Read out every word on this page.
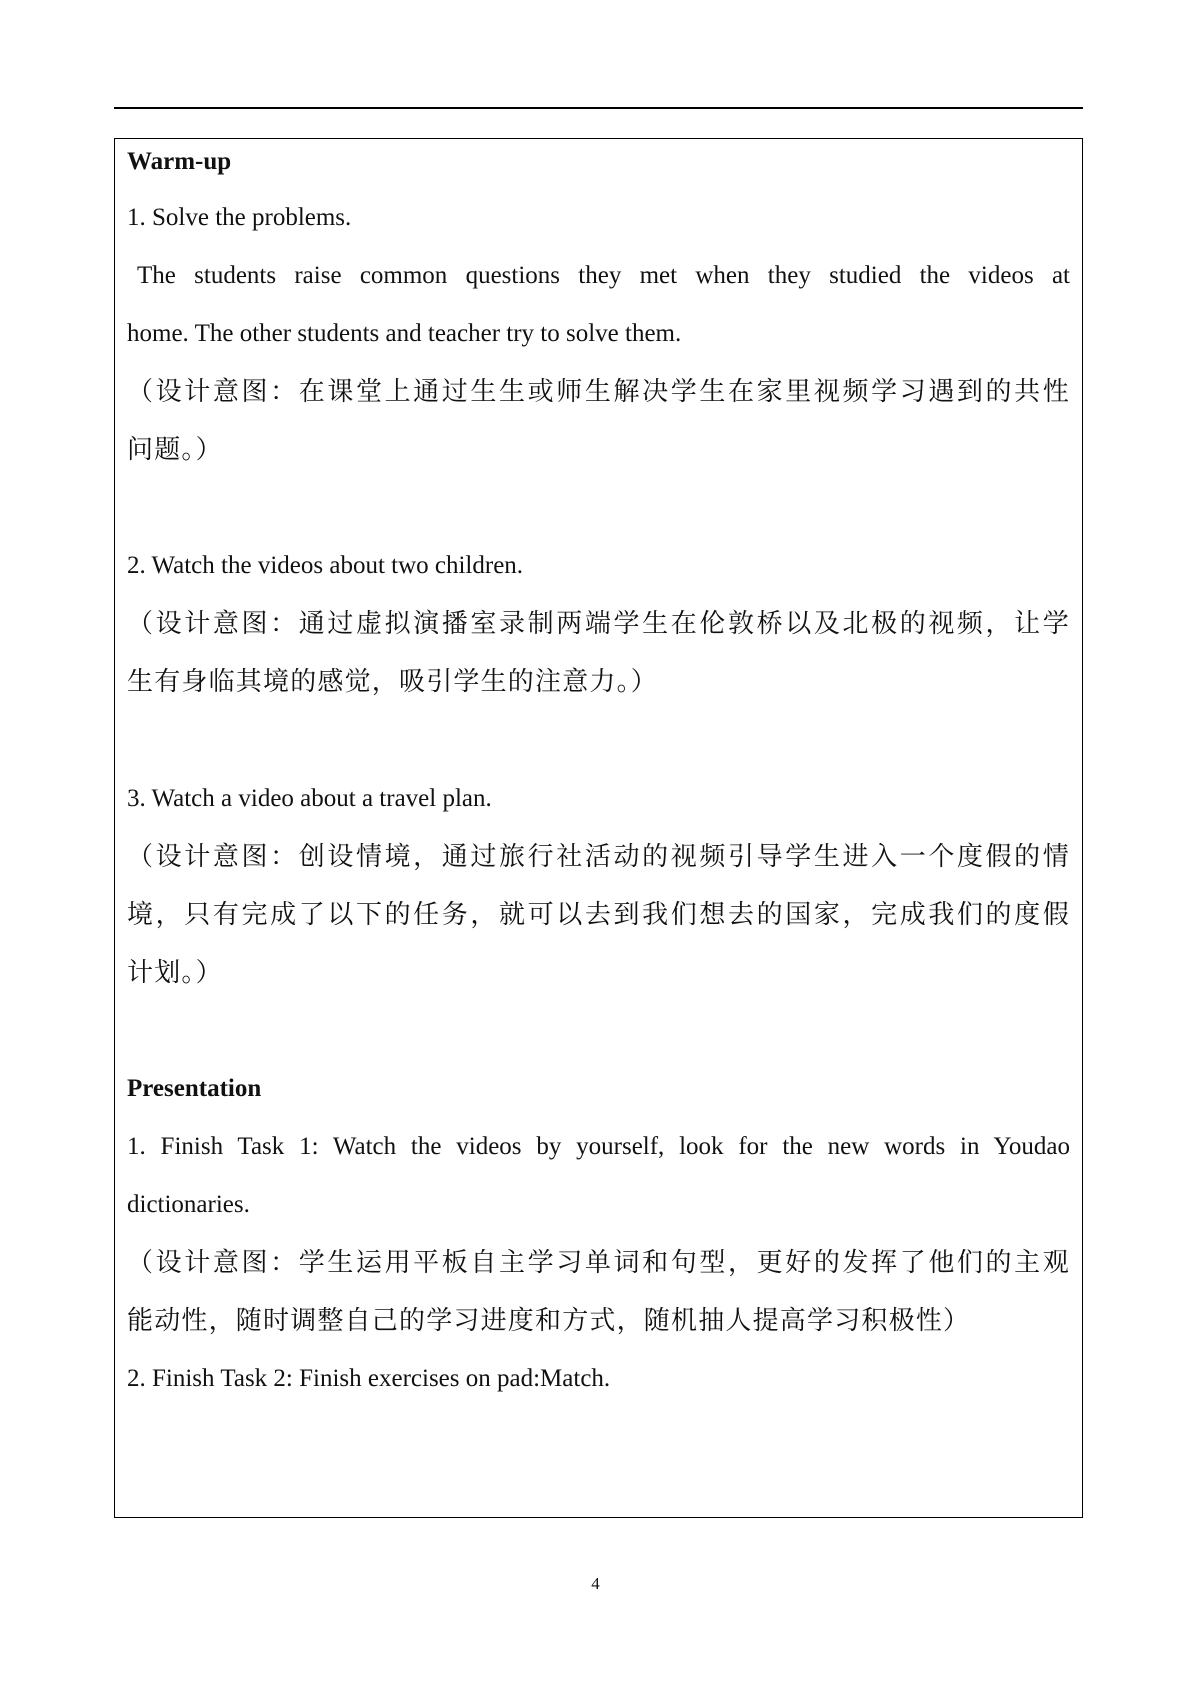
Warm-up
1. Solve the problems.
The students raise common questions they met when they studied the videos at
home. The other students and teacher try to solve them.
（设计意图：在课堂上通过生生或师生解决学生在家里视频学习遇到的共性
问题。）
2. Watch the videos about two children.
（设计意图：通过虚拟演播室录制两端学生在伦敦桥以及北极的视频，让学
生有身临其境的感觉，吸引学生的注意力。）
3. Watch a video about a travel plan.
（设计意图：创设情境，通过旅行社活动的视频引导学生进入一个度假的情
境，只有完成了以下的任务，就可以去到我们想去的国家，完成我们的度假
计划。）
Presentation
1. Finish Task 1: Watch the videos by yourself, look for the new words in Youdao
dictionaries.
（设计意图：学生运用平板自主学习单词和句型，更好的发挥了他们的主观
能动性，随时调整自己的学习进度和方式，随机抽人提高学习积极性）
2. Finish Task 2: Finish exercises on pad:Match.
4
